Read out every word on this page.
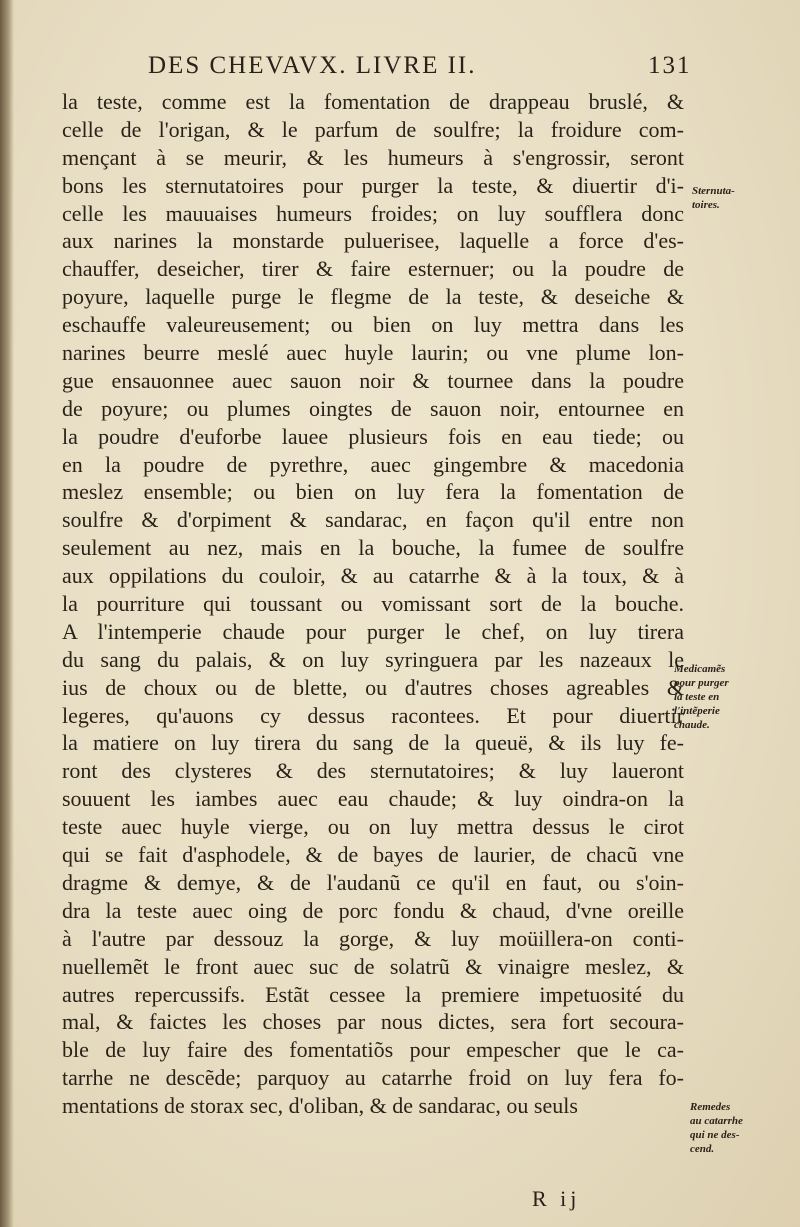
DES CHEVAVX. LIVRE II.	131
la teste, comme est la fomentation de drappeau bruslé, &
celle de l'origan, & le parfum de soulfre; la froidure com-
mençant à se meurir, & les humeurs à s'engrossir, seront
bons les sternutatoires pour purger la teste, & diuertir d'i-
celle les mauuaises humeurs froides; on luy soufflera donc
aux narines la monstarde puluerisee, laquelle a force d'es-
chauffer, deseicher, tirer & faire esternuer; ou la poudre de
poyure, laquelle purge le flegme de la teste, & deseiche &
eschauffe valeureusement; ou bien on luy mettra dans les
narines beurre meslé auec huyle laurin; ou vne plume lon-
gue ensauonnee auec sauon noir & tournee dans la poudre
de poyure; ou plumes oingtes de sauon noir, entournee en
la poudre d'euforbe lauee plusieurs fois en eau tiede; ou
en la poudre de pyrethre, auec gingembre & macedonia
meslez ensemble; ou bien on luy fera la fomentation de
soulfre & d'orpiment & sandarac, en façon qu'il entre non
seulement au nez, mais en la bouche, la fumee de soulfre
aux oppilations du couloir, & au catarrhe & à la toux, & à
la pourriture qui toussant ou vomissant sort de la bouche.
A l'intemperie chaude pour purger le chef, on luy tirera
du sang du palais, & on luy syringuera par les nazeaux le
ius de choux ou de blette, ou d'autres choses agreables &
legeres, qu'auons cy dessus racontees. Et pour diuertir
la matiere on luy tirera du sang de la queuë, & ils luy fe-
ront des clysteres & des sternutatoires; & luy laueront
souuent les iambes auec eau chaude; & luy oindra-on la
teste auec huyle vierge, ou on luy mettra dessus le cirot
qui se fait d'asphodele, & de bayes de laurier, de chacũ vne
dragme & demye, & de l'audanũ ce qu'il en faut, ou s'oin-
dra la teste auec oing de porc fondu & chaud, d'vne oreille
à l'autre par dessouz la gorge, & luy moüillera-on conti-
nuellemẽt le front auec suc de solatrũ & vinaigre meslez, &
autres repercussifs. Estãt cessee la premiere impetuosité du
mal, & faictes les choses par nous dictes, sera fort secoura-
ble de luy faire des fomentatiõs pour empescher que le ca-
tarrhe ne descẽde; parquoy au catarrhe froid on luy fera fo-
mentations de storax sec, d'oliban, & de sandarac, ou seuls
Sternuta-
toires.
Medicamẽs
pour purger
la teste en
l'intẽperie
chaude.
Remedes
au catarrhe
qui ne des-
cend.
R ij
